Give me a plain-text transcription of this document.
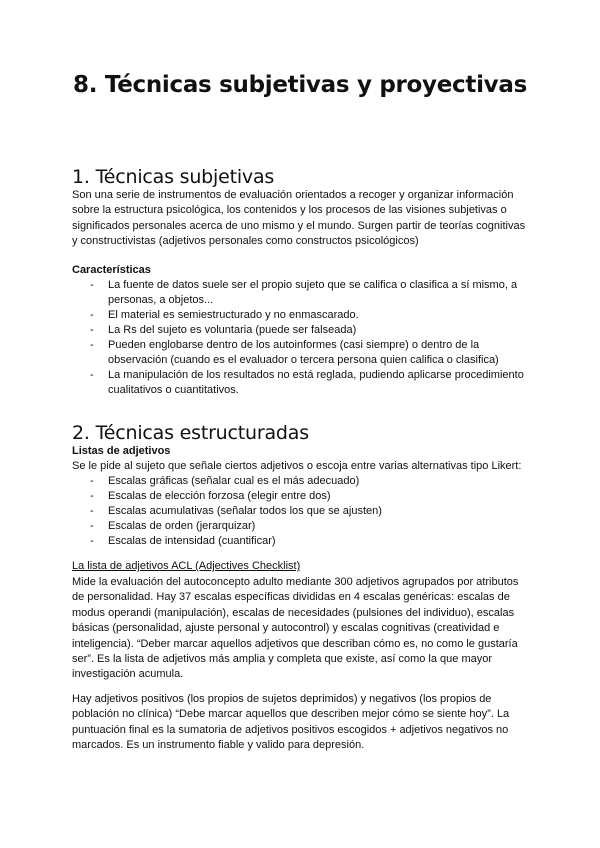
8. Técnicas subjetivas y proyectivas
1. Técnicas subjetivas

Son una serie de instrumentos de evaluación orientados a recoger y organizar información sobre la estructura psicológica, los contenidos y los procesos de las visiones subjetivas o significados personales acerca de uno mismo y el mundo. Surgen partir de teorías cognitivas y constructivistas (adjetivos personales como constructos psicológicos)

Características

- La fuente de datos suele ser el propio sujeto que se califica o clasifica a sí mismo, a personas, a objetos...
- El material es semiestructurado y no enmascarado.
- La Rs del sujeto es voluntaria (puede ser falseada)
- Pueden englobarse dentro de los autoinformes (casi siempre) o dentro de la observación (cuando es el evaluador o tercera persona quien califica o clasifica)
- La manipulación de los resultados no está reglada, pudiendo aplicarse procedimiento cualitativos o cuantitativos.
2. Técnicas estructuradas

Listas de adjetivos

Se le pide al sujeto que señale ciertos adjetivos o escoja entre varias alternativas tipo Likert:

- Escalas gráficas (señalar cual es el más adecuado)
- Escalas de elección forzosa (elegir entre dos)
- Escalas acumulativas (señalar todos los que se ajusten)
- Escalas de orden (jerarquizar)
- Escalas de intensidad (cuantificar)

La lista de adjetivos ACL (Adjectives Checklist)

Mide la evaluación del autoconcepto adulto mediante 300 adjetivos agrupados por atributos de personalidad. Hay 37 escalas específicas divididas en 4 escalas genéricas: escalas de modus operandi (manipulación), escalas de necesidades (pulsiones del individuo), escalas básicas (personalidad, ajuste personal y autocontrol) y escalas cognitivas (creatividad e inteligencia). “Deber marcar aquellos adjetivos que describan cómo es, no como le gustaría ser”. Es la lista de adjetivos más amplia y completa que existe, así como la que mayor investigación acumula.

Hay adjetivos positivos (los propios de sujetos deprimidos) y negativos (los propios de población no clínica) “Debe marcar aquellos que describen mejor cómo se siente hoy”. La puntuación final es la sumatoria de adjetivos positivos escogidos + adjetivos negativos no marcados. Es un instrumento fiable y valido para depresión.
